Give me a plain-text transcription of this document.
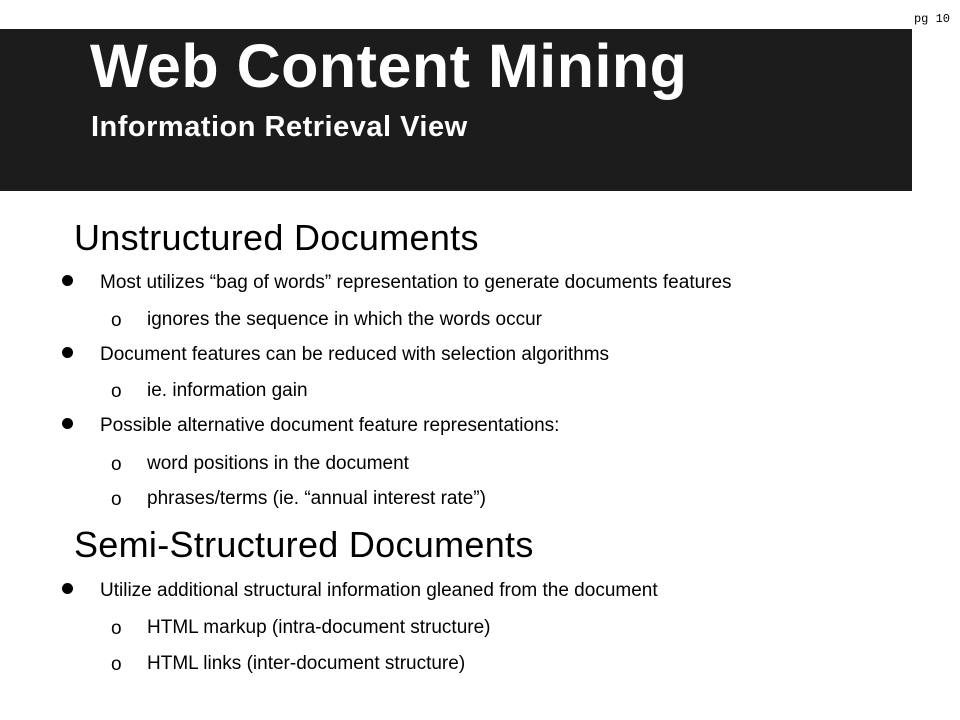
pg 10
Web Content Mining
Information Retrieval View
Unstructured Documents
Most utilizes “bag of words” representation to generate documents features
o ignores the sequence in which the words occur
Document features can be reduced with selection algorithms
o ie. information gain
Possible alternative document feature representations:
o word positions in the document
o phrases/terms (ie. “annual interest rate”)
Semi-Structured Documents
Utilize additional structural information gleaned from the document
o HTML markup (intra-document structure)
o HTML links (inter-document structure)
